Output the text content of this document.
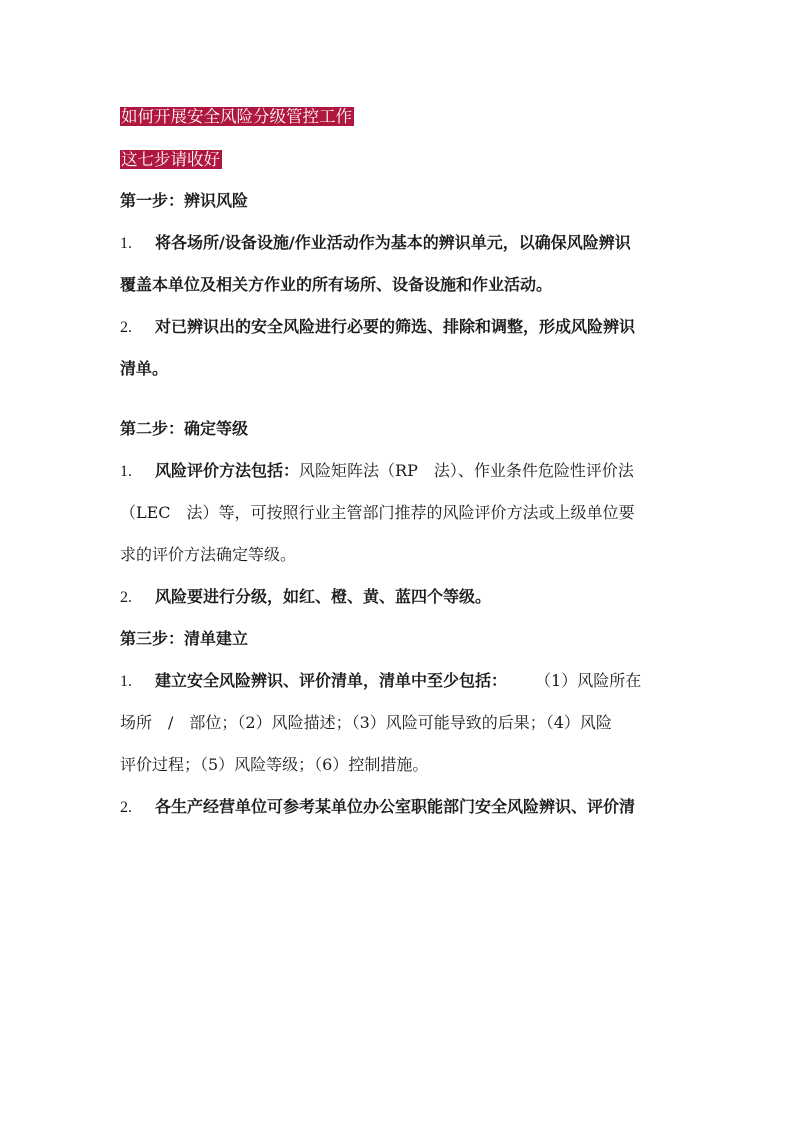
如何开展安全风险分级管控工作
这七步请收好
第一步：辨识风险
1. 将各场所/设备设施/作业活动作为基本的辨识单元，以确保风险辨识
覆盖本单位及相关方作业的所有场所、设备设施和作业活动。
2. 对已辨识出的安全风险进行必要的筛选、排除和调整，形成风险辨识
清单。
第二步：确定等级
1. 风险评价方法包括：风险矩阵法（RP　法）、作业条件危险性评价法
（LEC　法）等，可按照行业主管部门推荐的风险评价方法或上级单位要
求的评价方法确定等级。
2. 风险要进行分级，如红、橙、黄、蓝四个等级。
第三步：清单建立
1. 建立安全风险辨识、评价清单，清单中至少包括： （1）风险所在
场所　/　部位；（2）风险描述；（3）风险可能导致的后果；（4）风险
评价过程；（5）风险等级；（6）控制措施。
2. 各生产经营单位可参考某单位办公室职能部门安全风险辨识、评价清
